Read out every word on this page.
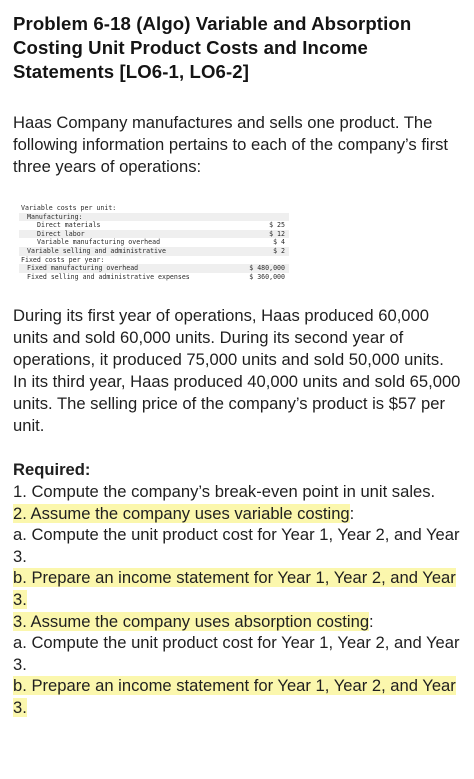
Problem 6-18 (Algo) Variable and Absorption Costing Unit Product Costs and Income Statements [LO6-1, LO6-2]
Haas Company manufactures and sells one product. The following information pertains to each of the company’s first three years of operations:
Variable costs per unit:
Manufacturing:
Direct materials	$ 25
Direct labor	$ 12
Variable manufacturing overhead	$ 4
Variable selling and administrative	$ 2
Fixed costs per year:
Fixed manufacturing overhead	$ 480,000
Fixed selling and administrative expenses	$ 360,000
During its first year of operations, Haas produced 60,000 units and sold 60,000 units. During its second year of operations, it produced 75,000 units and sold 50,000 units. In its third year, Haas produced 40,000 units and sold 65,000 units. The selling price of the company’s product is $57 per unit.
Required:
1. Compute the company’s break-even point in unit sales.
2. Assume the company uses variable costing:
a. Compute the unit product cost for Year 1, Year 2, and Year 3.
b. Prepare an income statement for Year 1, Year 2, and Year 3.
3. Assume the company uses absorption costing:
a. Compute the unit product cost for Year 1, Year 2, and Year 3.
b. Prepare an income statement for Year 1, Year 2, and Year 3.
